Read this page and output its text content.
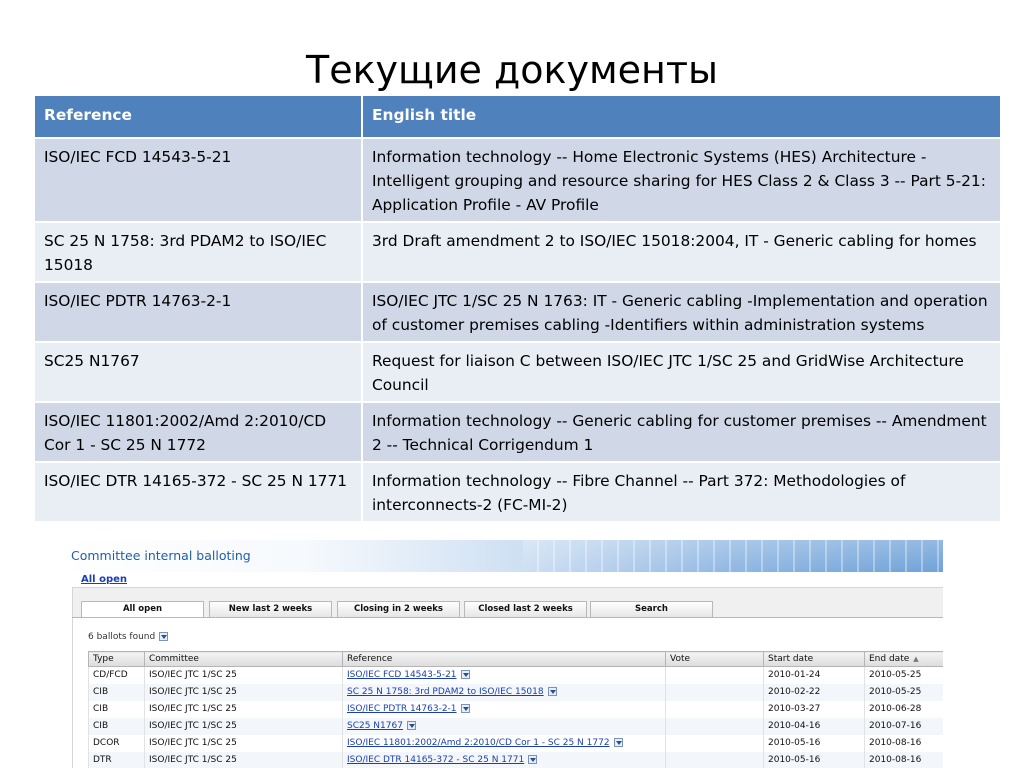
Текущие документы
Reference	English title
ISO/IEC FCD 14543-5-21	Information technology -- Home Electronic Systems (HES) Architecture - Intelligent grouping and resource sharing for HES Class 2 & Class 3 -- Part 5-21: Application Profile - AV Profile
SC 25 N 1758: 3rd PDAM2 to ISO/IEC 15018	3rd Draft amendment 2 to ISO/IEC 15018:2004, IT - Generic cabling for homes
ISO/IEC PDTR 14763-2-1	ISO/IEC JTC 1/SC 25 N 1763: IT - Generic cabling -Implementation and operation of customer premises cabling -Identifiers within administration systems
SC25 N1767	Request for liaison C between ISO/IEC JTC 1/SC 25 and GridWise Architecture Council
ISO/IEC 11801:2002/Amd 2:2010/CD Cor 1 - SC 25 N 1772	Information technology -- Generic cabling for customer premises -- Amendment 2 -- Technical Corrigendum 1
ISO/IEC DTR 14165-372 - SC 25 N 1771	Information technology -- Fibre Channel -- Part 372: Methodologies of interconnects-2 (FC-MI-2)
Committee internal balloting
All open
All open	New last 2 weeks	Closing in 2 weeks	Closed last 2 weeks	Search
6 ballots found
Type	Committee	Reference	Vote	Start date	End date ▲
CD/FCD	ISO/IEC JTC 1/SC 25	ISO/IEC FCD 14543-5-21		2010-01-24	2010-05-25
CIB	ISO/IEC JTC 1/SC 25	SC 25 N 1758: 3rd PDAM2 to ISO/IEC 15018		2010-02-22	2010-05-25
CIB	ISO/IEC JTC 1/SC 25	ISO/IEC PDTR 14763-2-1		2010-03-27	2010-06-28
CIB	ISO/IEC JTC 1/SC 25	SC25 N1767		2010-04-16	2010-07-16
DCOR	ISO/IEC JTC 1/SC 25	ISO/IEC 11801:2002/Amd 2:2010/CD Cor 1 - SC 25 N 1772		2010-05-16	2010-08-16
DTR	ISO/IEC JTC 1/SC 25	ISO/IEC DTR 14165-372 - SC 25 N 1771		2010-05-16	2010-08-16
